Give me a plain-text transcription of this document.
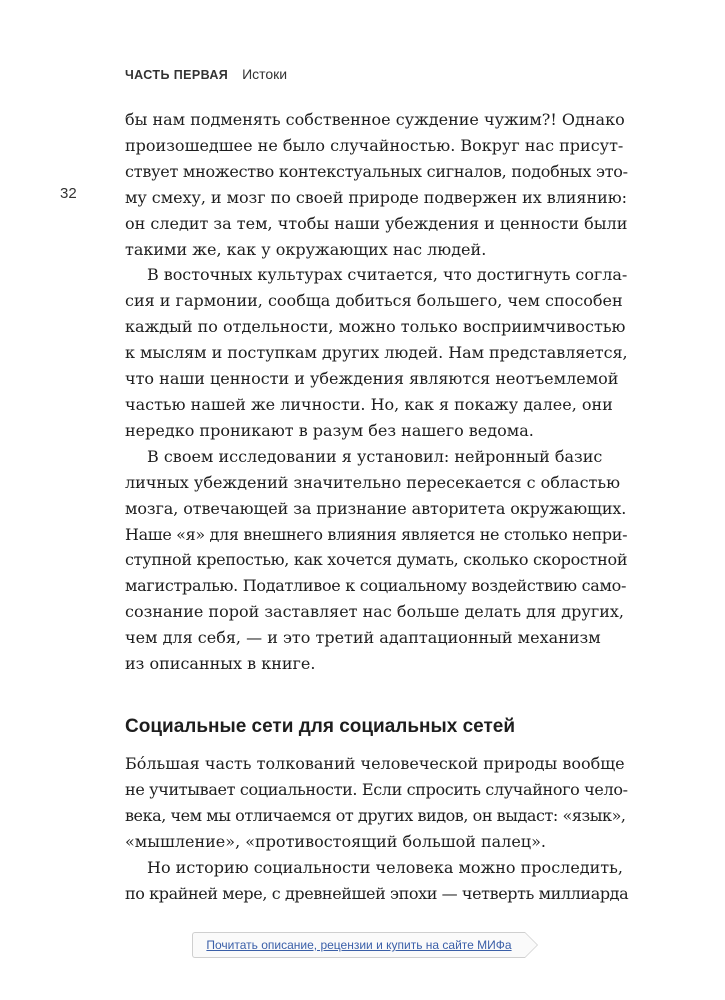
ЧАСТЬ ПЕРВАЯ Истоки
32
бы нам подменять собственное суждение чужим?! Однако
произошедшее не было случайностью. Вокруг нас присут-
ствует множество контекстуальных сигналов, подобных это-
му смеху, и мозг по своей природе подвержен их влиянию:
он следит за тем, чтобы наши убеждения и ценности были
такими же, как у окружающих нас людей.
В восточных культурах считается, что достигнуть согла-
сия и гармонии, сообща добиться большего, чем способен
каждый по отдельности, можно только восприимчивостью
к мыслям и поступкам других людей. Нам представляется,
что наши ценности и убеждения являются неотъемлемой
частью нашей же личности. Но, как я покажу далее, они
нередко проникают в разум без нашего ведома.
В своем исследовании я установил: нейронный базис
личных убеждений значительно пересекается с областью
мозга, отвечающей за признание авторитета окружающих.
Наше «я» для внешнего влияния является не столько непри-
ступной крепостью, как хочется думать, сколько скоростной
магистралью. Податливое к социальному воздействию само-
сознание порой заставляет нас больше делать для других,
чем для себя, — и это третий адаптационный механизм
из описанных в книге.
Социальные сети для социальных сетей
Бо́льшая часть толкований человеческой природы вообще
не учитывает социальности. Если спросить случайного чело-
века, чем мы отличаемся от других видов, он выдаст: «язык»,
«мышление», «противостоящий большой палец».
Но историю социальности человека можно проследить,
по крайней мере, с древнейшей эпохи — четверть миллиарда
Почитать описание, рецензии и купить на сайте МИФа
